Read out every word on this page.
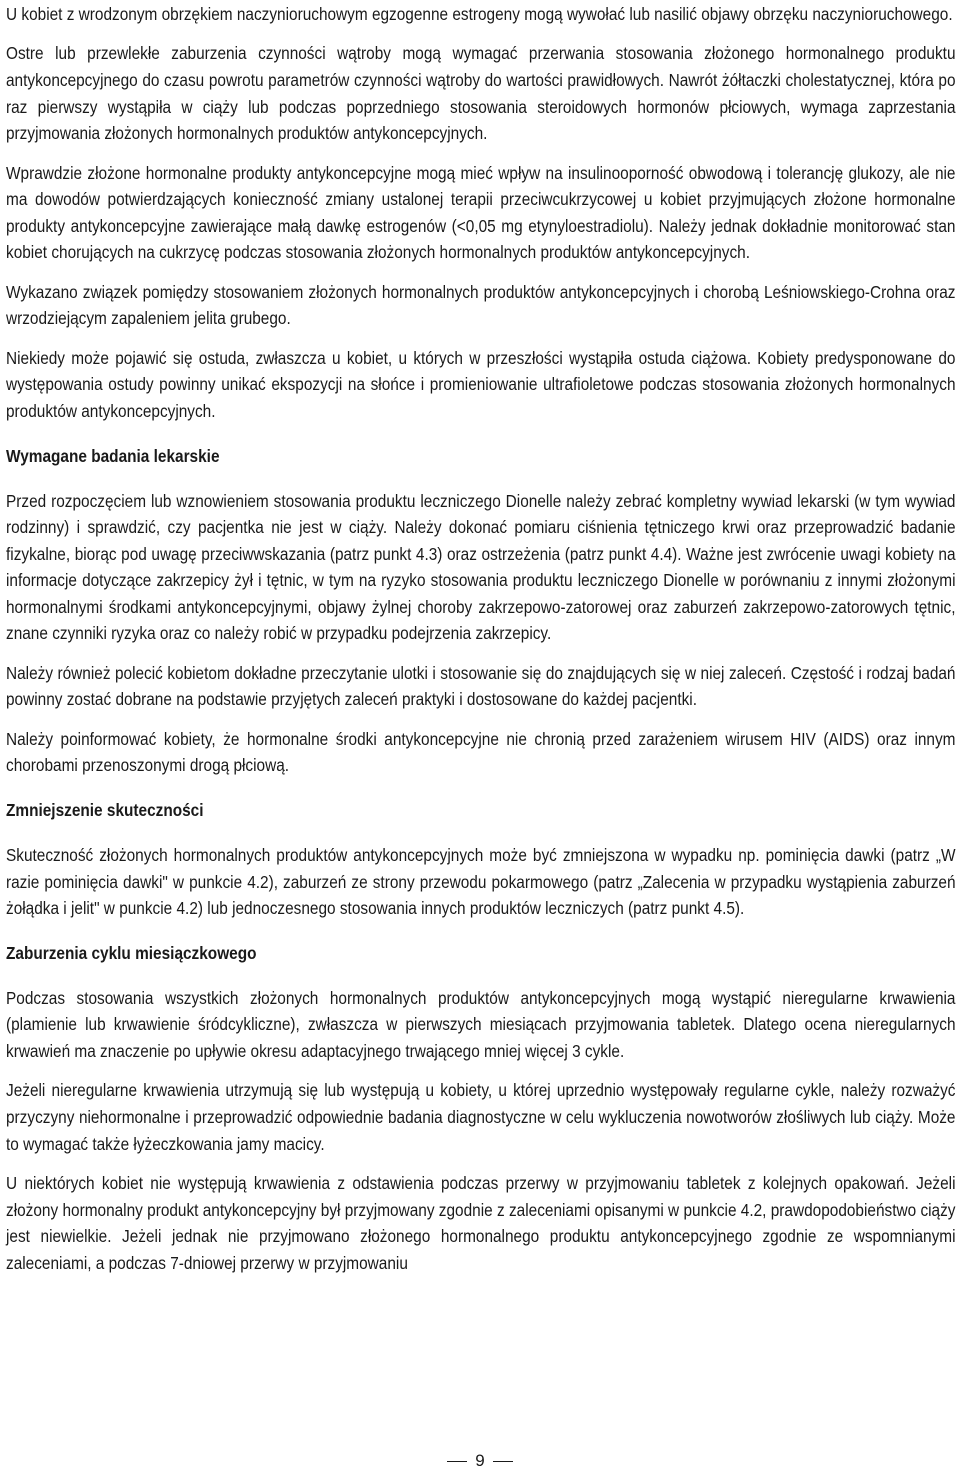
U kobiet z wrodzonym obrzękiem naczynioruchowym egzogenne estrogeny mogą wywołać lub nasilić objawy obrzęku naczynioruchowego.

Ostre lub przewlekłe zaburzenia czynności wątroby mogą wymagać przerwania stosowania złożonego hormonalnego produktu antykoncepcyjnego do czasu powrotu parametrów czynności wątroby do wartości prawidłowych. Nawrót żółtaczki cholestatycznej, która po raz pierwszy wystąpiła w ciąży lub podczas poprzedniego stosowania steroidowych hormonów płciowych, wymaga zaprzestania przyjmowania złożonych hormonalnych produktów antykoncepcyjnych.

Wprawdzie złożone hormonalne produkty antykoncepcyjne mogą mieć wpływ na insulinooporność obwodową i tolerancję glukozy, ale nie ma dowodów potwierdzających konieczność zmiany ustalonej terapii przeciwcukrzycowej u kobiet przyjmujących złożone hormonalne produkty antykoncepcyjne zawierające małą dawkę estrogenów (<0,05 mg etynyloestradiolu). Należy jednak dokładnie monitorować stan kobiet chorujących na cukrzycę podczas stosowania złożonych hormonalnych produktów antykoncepcyjnych.

Wykazano związek pomiędzy stosowaniem złożonych hormonalnych produktów antykoncepcyjnych i chorobą Leśniowskiego-Crohna oraz wrzodziejącym zapaleniem jelita grubego.

Niekiedy może pojawić się ostuda, zwłaszcza u kobiet, u których w przeszłości wystąpiła ostuda ciążowa. Kobiety predysponowane do występowania ostudy powinny unikać ekspozycji na słońce i promieniowanie ultrafioletowe podczas stosowania złożonych hormonalnych produktów antykoncepcyjnych.

Wymagane badania lekarskie

Przed rozpoczęciem lub wznowieniem stosowania produktu leczniczego Dionelle należy zebrać kompletny wywiad lekarski (w tym wywiad rodzinny) i sprawdzić, czy pacjentka nie jest w ciąży. Należy dokonać pomiaru ciśnienia tętniczego krwi oraz przeprowadzić badanie fizykalne, biorąc pod uwagę przeciwwskazania (patrz punkt 4.3) oraz ostrzeżenia (patrz punkt 4.4). Ważne jest zwrócenie uwagi kobiety na informacje dotyczące zakrzepicy żył i tętnic, w tym na ryzyko stosowania produktu leczniczego Dionelle w porównaniu z innymi złożonymi hormonalnymi środkami antykoncepcyjnymi, objawy żylnej choroby zakrzepowo-zatorowej oraz zaburzeń zakrzepowo-zatorowych tętnic, znane czynniki ryzyka oraz co należy robić w przypadku podejrzenia zakrzepicy.

Należy również polecić kobietom dokładne przeczytanie ulotki i stosowanie się do znajdujących się w niej zaleceń. Częstość i rodzaj badań powinny zostać dobrane na podstawie przyjętych zaleceń praktyki i dostosowane do każdej pacjentki.

Należy poinformować kobiety, że hormonalne środki antykoncepcyjne nie chronią przed zarażeniem wirusem HIV (AIDS) oraz innym chorobami przenoszonymi drogą płciową.

Zmniejszenie skuteczności

Skuteczność złożonych hormonalnych produktów antykoncepcyjnych może być zmniejszona w wypadku np. pominięcia dawki (patrz „W razie pominięcia dawki" w punkcie 4.2), zaburzeń ze strony przewodu pokarmowego (patrz „Zalecenia w przypadku wystąpienia zaburzeń żołądka i jelit" w punkcie 4.2) lub jednoczesnego stosowania innych produktów leczniczych (patrz punkt 4.5).

Zaburzenia cyklu miesiączkowego

Podczas stosowania wszystkich złożonych hormonalnych produktów antykoncepcyjnych mogą wystąpić nieregularne krwawienia (plamienie lub krwawienie śródcykliczne), zwłaszcza w pierwszych miesiącach przyjmowania tabletek. Dlatego ocena nieregularnych krwawień ma znaczenie po upływie okresu adaptacyjnego trwającego mniej więcej 3 cykle.

Jeżeli nieregularne krwawienia utrzymują się lub występują u kobiety, u której uprzednio występowały regularne cykle, należy rozważyć przyczyny niehormonalne i przeprowadzić odpowiednie badania diagnostyczne w celu wykluczenia nowotworów złośliwych lub ciąży. Może to wymagać także łyżeczkowania jamy macicy.

U niektórych kobiet nie występują krwawienia z odstawienia podczas przerwy w przyjmowaniu tabletek z kolejnych opakowań. Jeżeli złożony hormonalny produkt antykoncepcyjny był przyjmowany zgodnie z zaleceniami opisanymi w punkcie 4.2, prawdopodobieństwo ciąży jest niewielkie. Jeżeli jednak nie przyjmowano złożonego hormonalnego produktu antykoncepcyjnego zgodnie ze wspomnianymi zaleceniami, a podczas 7-dniowej przerwy w przyjmowaniu

9
